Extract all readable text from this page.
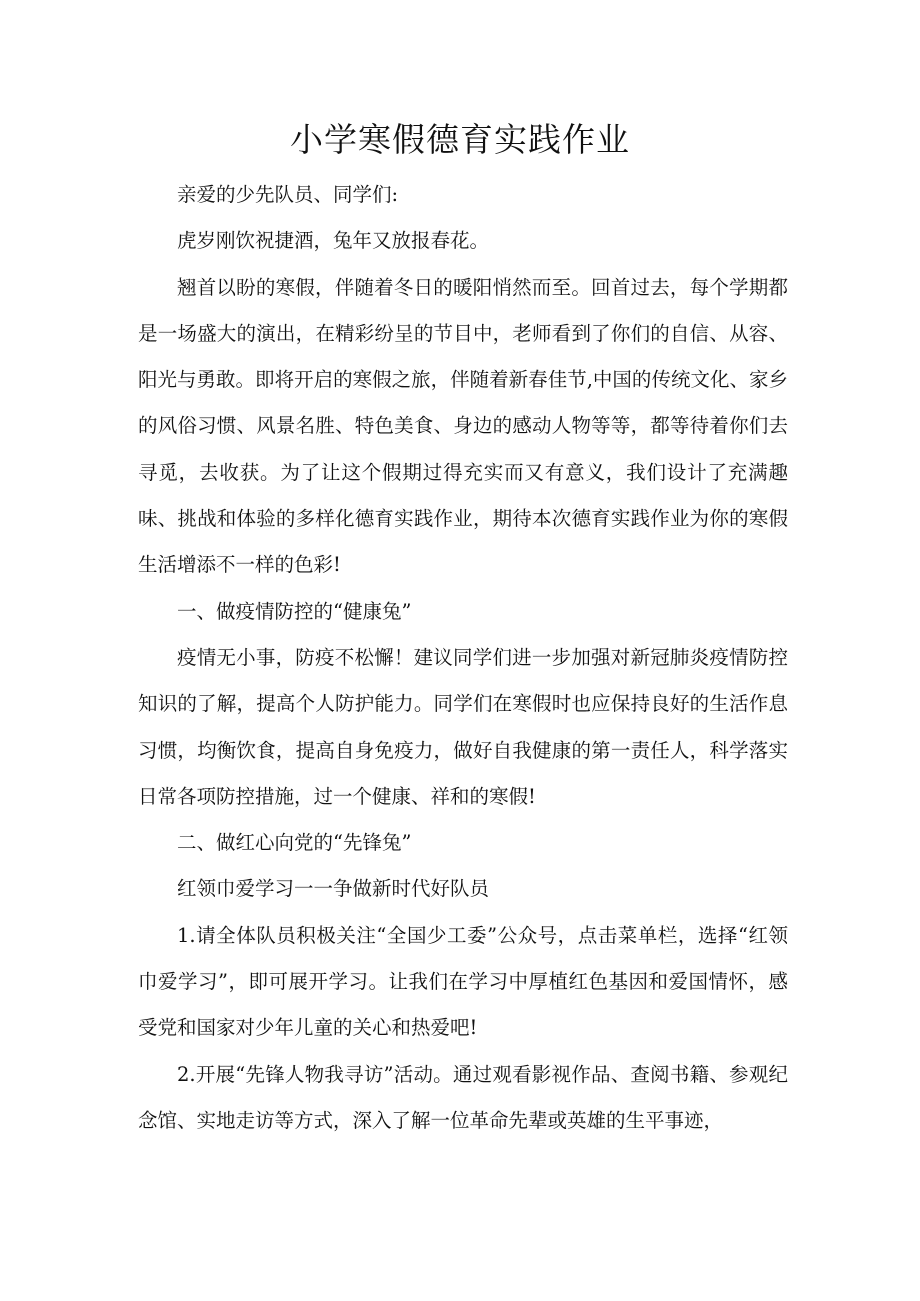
小学寒假德育实践作业

亲爱的少先队员、同学们:

虎岁刚饮祝捷酒，兔年又放报春花。

翘首以盼的寒假，伴随着冬日的暖阳悄然而至。回首过去，每个学期都是一场盛大的演出，在精彩纷呈的节目中，老师看到了你们的自信、从容、阳光与勇敢。即将开启的寒假之旅，伴随着新春佳节,中国的传统文化、家乡的风俗习惯、风景名胜、特色美食、身边的感动人物等等，都等待着你们去寻觅，去收获。为了让这个假期过得充实而又有意义，我们设计了充满趣味、挑战和体验的多样化德育实践作业，期待本次德育实践作业为你的寒假生活增添不一样的色彩!

一、做疫情防控的“健康兔”

疫情无小事，防疫不松懈！建议同学们进一步加强对新冠肺炎疫情防控知识的了解，提高个人防护能力。同学们在寒假时也应保持良好的生活作息习惯，均衡饮食，提高自身免疫力，做好自我健康的第一责任人，科学落实日常各项防控措施，过一个健康、祥和的寒假!

二、做红心向党的“先锋兔”

红领巾爱学习一一争做新时代好队员

1.请全体队员积极关注“全国少工委”公众号，点击菜单栏，选择“红领巾爱学习”，即可展开学习。让我们在学习中厚植红色基因和爱国情怀，感受党和国家对少年儿童的关心和热爱吧!

2.开展“先锋人物我寻访”活动。通过观看影视作品、查阅书籍、参观纪念馆、实地走访等方式，深入了解一位革命先辈或英雄的生平事迹，
